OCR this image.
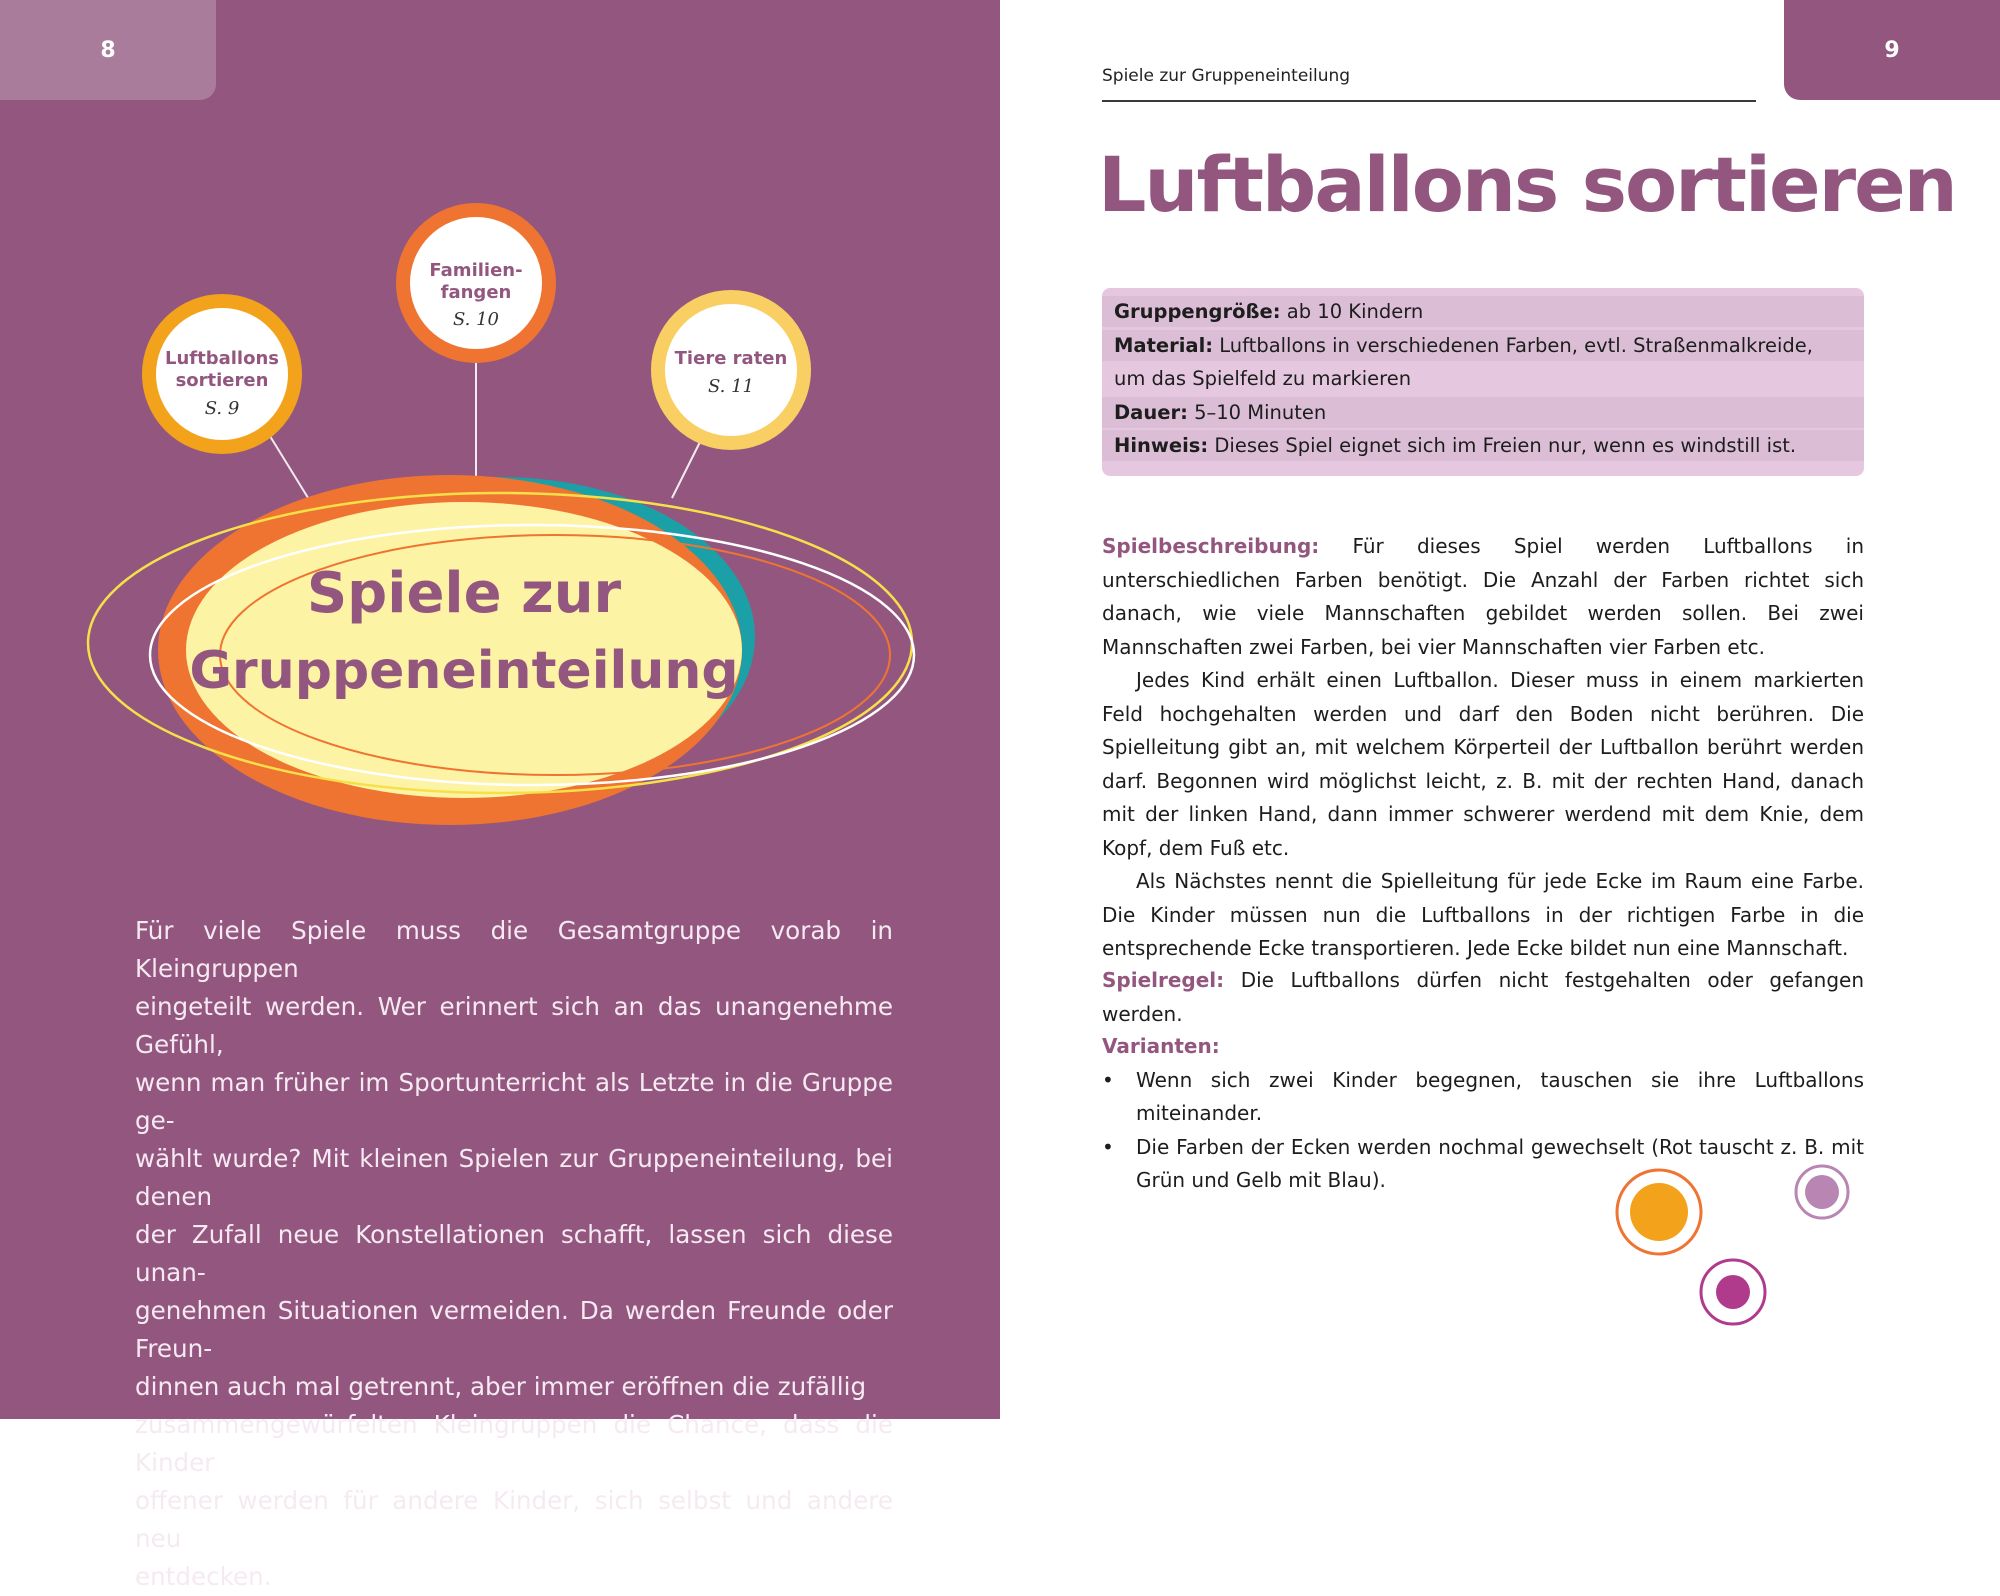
8
Spiele zur
Gruppeneinteilung
Luftballons
sortieren
S. 9
Familien-
fangen
S. 10
Tiere raten
S. 11
Für viele Spiele muss die Gesamtgruppe vorab in Kleingruppen
eingeteilt werden. Wer erinnert sich an das unangenehme Gefühl,
wenn man früher im Sportunterricht als Letzte in die Gruppe ge-
wählt wurde? Mit kleinen Spielen zur Gruppeneinteilung, bei denen
der Zufall neue Konstellationen schafft, lassen sich diese unan-
genehmen Situationen vermeiden. Da werden Freunde oder Freun-
dinnen auch mal getrennt, aber immer eröffnen die zufällig
zusammengewürfelten Kleingruppen die Chance, dass die Kinder
offener werden für andere Kinder, sich selbst und andere neu
entdecken.
Spiele zur Gruppeneinteilung
9
Luftballons sortieren
Gruppengröße: ab 10 Kindern
Material: Luftballons in verschiedenen Farben, evtl. Straßenmalkreide,
um das Spielfeld zu markieren
Dauer: 5–10 Minuten
Hinweis: Dieses Spiel eignet sich im Freien nur, wenn es windstill ist.

Spielbeschreibung: Für dieses Spiel werden Luftballons in unterschiedlichen Farben benötigt. Die Anzahl der Farben richtet sich danach, wie viele Mannschaften gebildet werden sollen. Bei zwei Mannschaften zwei Farben, bei vier Mannschaften vier Farben etc.

Jedes Kind erhält einen Luftballon. Dieser muss in einem markierten Feld hochgehalten werden und darf den Boden nicht berühren. Die Spielleitung gibt an, mit welchem Körperteil der Luftballon berührt werden darf. Begonnen wird möglichst leicht, z. B. mit der rechten Hand, danach mit der linken Hand, dann immer schwerer werdend mit dem Knie, dem Kopf, dem Fuß etc.

Als Nächstes nennt die Spielleitung für jede Ecke im Raum eine Farbe. Die Kinder müssen nun die Luftballons in der richtigen Farbe in die entsprechende Ecke transportieren. Jede Ecke bildet nun eine Mannschaft.

Spielregel: Die Luftballons dürfen nicht festgehalten oder gefangen werden.

Varianten:

• Wenn sich zwei Kinder begegnen, tauschen sie ihre Luftballons miteinander.
• Die Farben der Ecken werden nochmal gewechselt (Rot tauscht z. B. mit Grün und Gelb mit Blau).
